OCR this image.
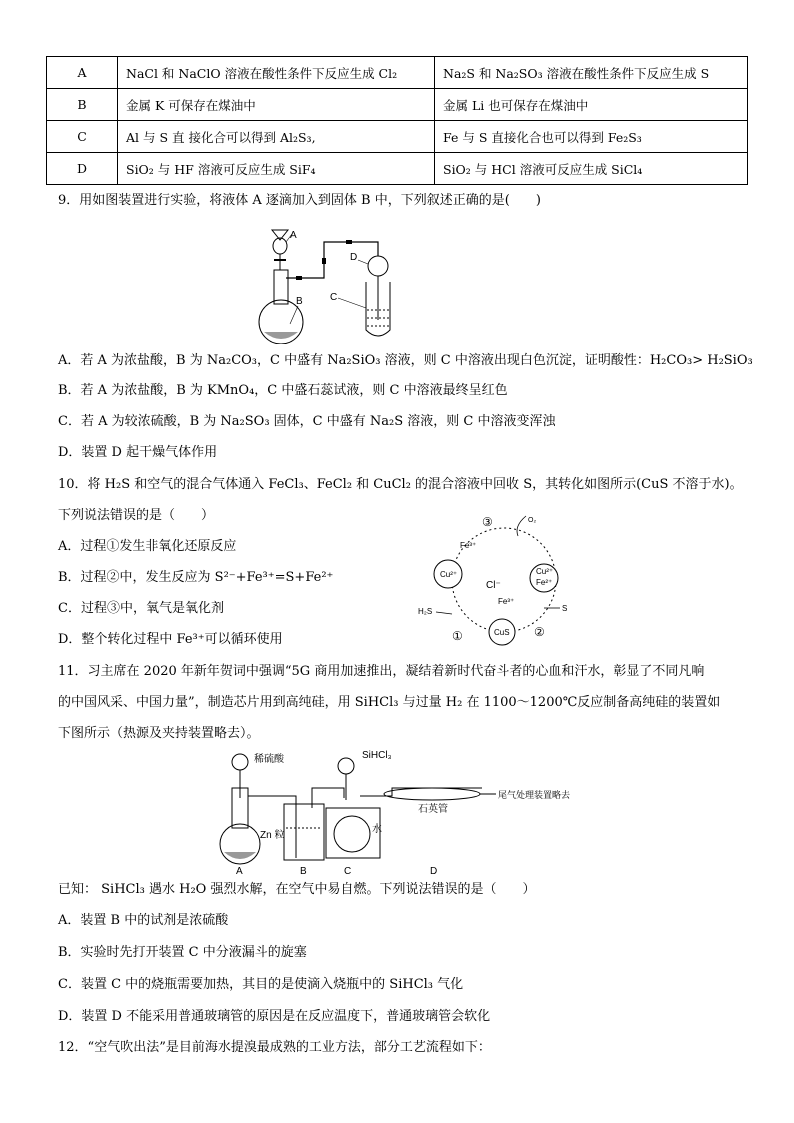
A	NaCl 和 NaClO 溶液在酸性条件下反应生成 Cl₂	Na₂S 和 Na₂SO₃ 溶液在酸性条件下反应生成 S
B	金属 K 可保存在煤油中	金属 Li 也可保存在煤油中
C	Al 与 S 直 接化合可以得到 Al₂S₃,	Fe 与 S 直接化合也可以得到 Fe₂S₃
D	SiO₂ 与 HF 溶液可反应生成 SiF₄	SiO₂ 与 HCl 溶液可反应生成 SiCl₄
9．用如图装置进行实验，将液体 A 逐滴加入到固体 B 中，下列叙述正确的是(　　)
A
B
D
C
A．若 A 为浓盐酸，B 为 Na₂CO₃，C 中盛有 Na₂SiO₃ 溶液，则 C 中溶液出现白色沉淀，证明酸性：H₂CO₃> H₂SiO₃
B．若 A 为浓盐酸，B 为 KMnO₄，C 中盛石蕊试液，则 C 中溶液最终呈红色
C．若 A 为较浓硫酸，B 为 Na₂SO₃ 固体，C 中盛有 Na₂S 溶液，则 C 中溶液变浑浊
D．装置 D 起干燥气体作用
10．将 H₂S 和空气的混合气体通入 FeCl₃、FeCl₂ 和 CuCl₂ 的混合溶液中回收 S，其转化如图所示(CuS 不溶于水)。
下列说法错误的是（　　）
A．过程①发生非氧化还原反应
B．过程②中，发生反应为 S²⁻+Fe³⁺=S+Fe²⁺
C．过程③中，氧气是氧化剂
D．整个转化过程中 Fe³⁺可以循环使用
③	O₂
Fe³⁺
Cu²⁺
Cl⁻
Cu²⁺
Fe²⁺
H₂S
Fe³⁺
S
①	CuS ②
11．习主席在 2020 年新年贺词中强调“5G 商用加速推出，凝结着新时代奋斗者的心血和汗水，彰显了不同凡响
的中国风采、中国力量”，制造芯片用到高纯硅，用 SiHCl₃ 与过量 H₂ 在 1100～1200℃反应制备高纯硅的装置如
下图所示（热源及夹持装置略去）。
稀硫酸
Zn 粒
A	B
SiHCl₃
水
C
石英管
尾气处理装置略去
D
已知： SiHCl₃ 遇水 H₂O 强烈水解，在空气中易自燃。下列说法错误的是（　　）
A．装置 B 中的试剂是浓硫酸
B．实验时先打开装置 C 中分液漏斗的旋塞
C．装置 C 中的烧瓶需要加热，其目的是使滴入烧瓶中的 SiHCl₃ 气化
D．装置 D 不能采用普通玻璃管的原因是在反应温度下，普通玻璃管会软化
12．“空气吹出法”是目前海水提溴最成熟的工业方法，部分工艺流程如下：
